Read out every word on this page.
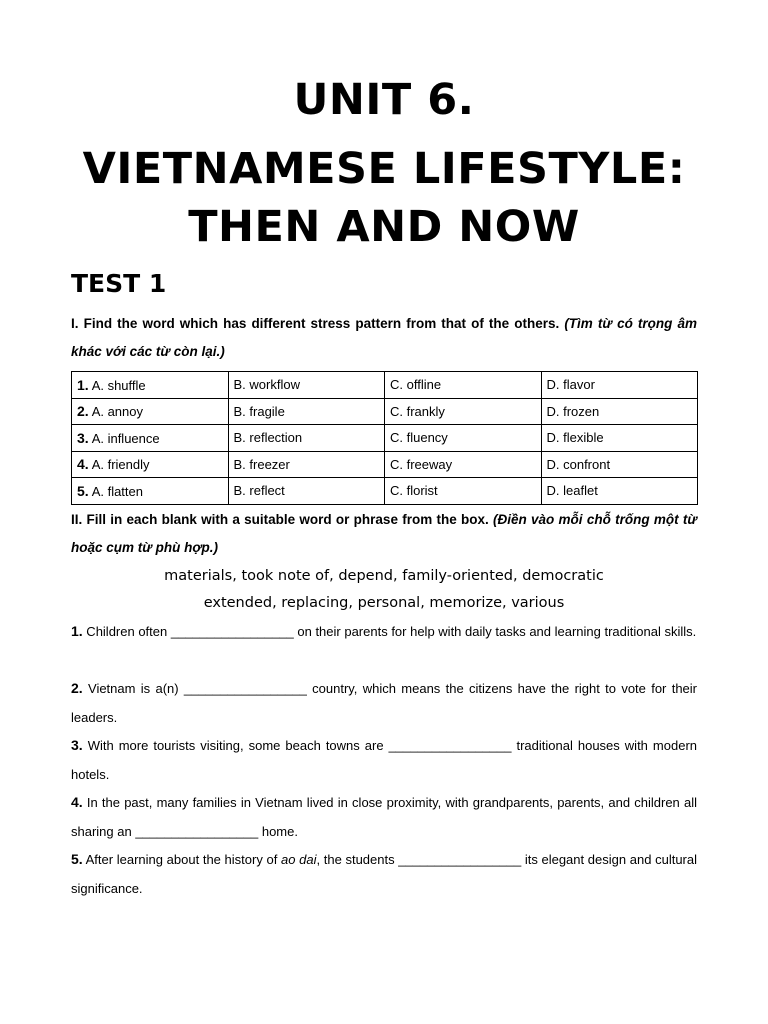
UNIT 6.
VIETNAMESE LIFESTYLE:
THEN AND NOW
TEST 1
I. Find the word which has different stress pattern from that of the others. (Tìm từ có trọng âm khác với các từ còn lại.)
1. A. shuffle	B. workflow	C. offline	D. flavor
2. A. annoy	B. fragile	C. frankly	D. frozen
3. A. influence	B. reflection	C. fluency	D. flexible
4. A. friendly	B. freezer	C. freeway	D. confront
5. A. flatten	B. reflect	C. florist	D. leaflet
II. Fill in each blank with a suitable word or phrase from the box. (Điền vào mỗi chỗ trống một từ hoặc cụm từ phù hợp.)
materials, took note of, depend, family-oriented, democratic
extended, replacing, personal, memorize, various
1. Children often _________________ on their parents for help with daily tasks and learning traditional skills.
2. Vietnam is a(n) _________________ country, which means the citizens have the right to vote for their leaders.
3. With more tourists visiting, some beach towns are _________________ traditional houses with modern hotels.
4. In the past, many families in Vietnam lived in close proximity, with grandparents, parents, and children all sharing an _________________ home.
5. After learning about the history of ao dai, the students _________________ its elegant design and cultural significance.
